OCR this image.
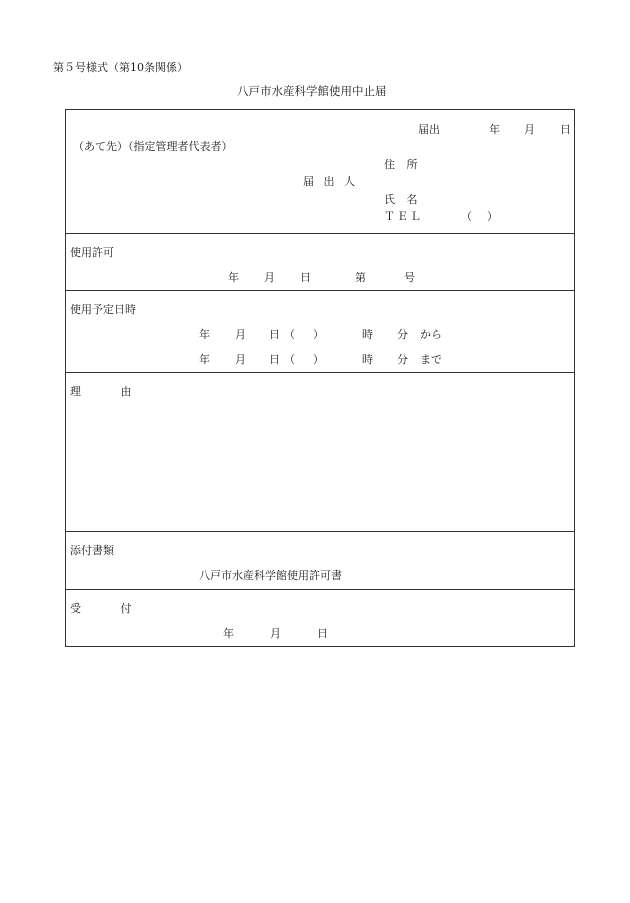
第５号様式（第10条関係）
八戸市水産科学館使用中止届
届出	年 月 日
（あて先）（指定管理者代表者）
住 所
届 出 人
氏 名
ＴＥＬ	（ ）
使用許可
年 月 日	第	号
使用予定日時
年 月 日 （ ）	時 分 から
年 月 日 （ ）	時 分 まで
理 由
添付書類
八戸市水産科学館使用許可書
受 付
年	月	日
